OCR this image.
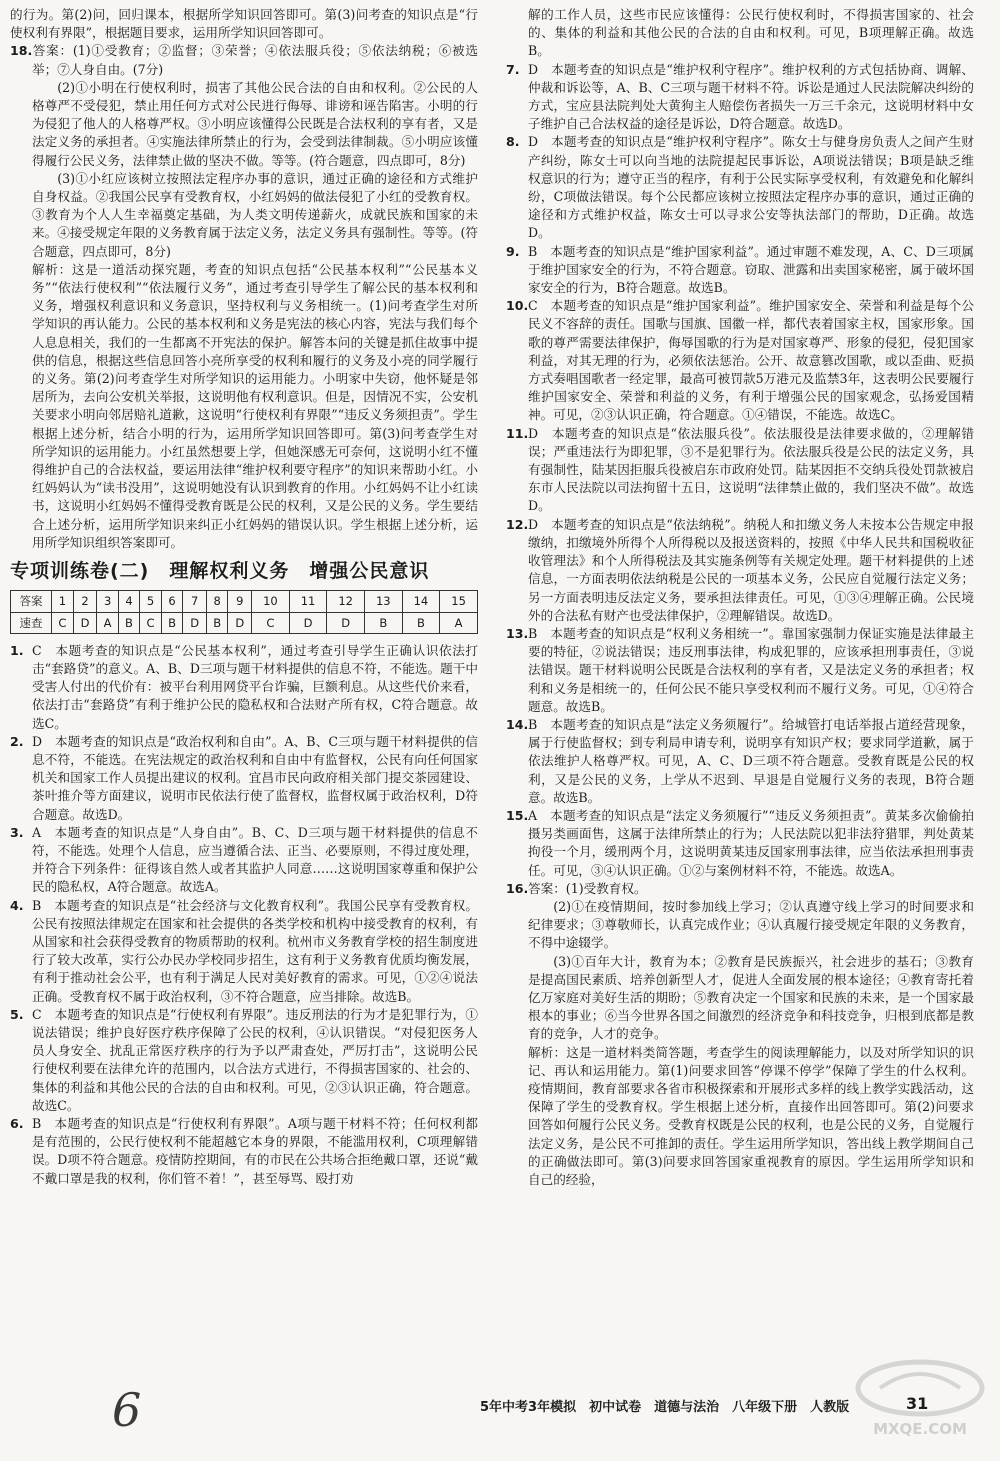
的行为。第(2)问，回归课本，根据所学知识回答即可。第(3)问考查的知识点是“行使权利有界限”，根据题目要求，运用所学知识回答即可。

18.答案：(1)①受教育；②监督；③荣誉；④依法服兵役；⑤依法纳税；⑥被选举；⑦人身自由。(7分)

(2)①小明在行使权利时，损害了其他公民合法的自由和权利。②公民的人格尊严不受侵犯，禁止用任何方式对公民进行侮辱、诽谤和诬告陷害。小明的行为侵犯了他人的人格尊严权。③小明应该懂得公民既是合法权利的享有者，又是法定义务的承担者。④实施法律所禁止的行为，会受到法律制裁。⑤小明应该懂得履行公民义务，法律禁止做的坚决不做。等等。(符合题意，四点即可，8分)

(3)①小红应该树立按照法定程序办事的意识，通过正确的途径和方式维护自身权益。②我国公民享有受教育权，小红妈妈的做法侵犯了小红的受教育权。③教育为个人人生幸福奠定基础，为人类文明传递薪火，成就民族和国家的未来。④接受规定年限的义务教育属于法定义务，法定义务具有强制性。等等。(符合题意，四点即可，8分)

解析：这是一道活动探究题，考查的知识点包括“公民基本权利”“公民基本义务”“依法行使权利”“依法履行义务”，通过考查引导学生了解公民的基本权利和义务，增强权利意识和义务意识，坚持权利与义务相统一。(1)问考查学生对所学知识的再认能力。公民的基本权利和义务是宪法的核心内容，宪法与我们每个人息息相关，我们的一生都离不开宪法的保护。解答本问的关键是抓住故事中提供的信息，根据这些信息回答小亮所享受的权利和履行的义务及小亮的同学履行的义务。第(2)问考查学生对所学知识的运用能力。小明家中失窃，他怀疑是邻居所为，去向公安机关举报，这说明他有权利意识。但是，因情况不实，公安机关要求小明向邻居赔礼道歉，这说明“行使权利有界限”“违反义务须担责”。学生根据上述分析，结合小明的行为，运用所学知识回答即可。第(3)问考查学生对所学知识的运用能力。小红虽然想要上学，但她深感无可奈何，这说明小红不懂得维护自己的合法权益，要运用法律“维护权利要守程序”的知识来帮助小红。小红妈妈认为“读书没用”，这说明她没有认识到教育的作用。小红妈妈不让小红读书，这说明小红妈妈不懂得受教育既是公民的权利，又是公民的义务。学生要结合上述分析，运用所学知识来纠正小红妈妈的错误认识。学生根据上述分析，运用所学知识组织答案即可。

专项训练卷(二)　理解权利义务　增强公民意识
答案	1	2	3	4	5	6	7	8	9	10	11	12	13	14	15
速查	C	D	A	B	C	B	D	B	D	C	D	D	B	B	A

1. C　本题考查的知识点是“公民基本权利”，通过考查引导学生正确认识依法打击“套路贷”的意义。A、B、D三项与题干材料提供的信息不符，不能选。题干中受害人付出的代价有：被平台利用网贷平台诈骗，巨额利息。从这些代价来看，依法打击“套路贷”有利于维护公民的隐私权和合法财产所有权，C符合题意。故选C。

2. D　本题考查的知识点是“政治权利和自由”。A、B、C三项与题干材料提供的信息不符，不能选。在宪法规定的政治权利和自由中有监督权，公民有向任何国家机关和国家工作人员提出建议的权利。宜昌市民向政府相关部门提交茶园建设、茶叶推介等方面建议，说明市民依法行使了监督权，监督权属于政治权利，D符合题意。故选D。

3. A　本题考查的知识点是“人身自由”。B、C、D三项与题干材料提供的信息不符，不能选。处理个人信息，应当遵循合法、正当、必要原则，不得过度处理，并符合下列条件：征得该自然人或者其监护人同意……这说明国家尊重和保护公民的隐私权，A符合题意。故选A。

4. B　本题考查的知识点是“社会经济与文化教育权利”。我国公民享有受教育权。公民有按照法律规定在国家和社会提供的各类学校和机构中接受教育的权利，有从国家和社会获得受教育的物质帮助的权利。杭州市义务教育学校的招生制度进行了较大改革，实行公办民办学校同步招生，这有利于义务教育优质均衡发展，有利于推动社会公平，也有利于满足人民对美好教育的需求。可见，①②④说法正确。受教育权不属于政治权利，③不符合题意，应当排除。故选B。

5. C　本题考查的知识点是“行使权利有界限”。违反刑法的行为才是犯罪行为，①说法错误；维护良好医疗秩序保障了公民的权利，④认识错误。“对侵犯医务人员人身安全、扰乱正常医疗秩序的行为予以严肃查处，严厉打击”，这说明公民行使权利要在法律允许的范围内，以合法方式进行，不得损害国家的、社会的、集体的利益和其他公民的合法的自由和权利。可见，②③认识正确，符合题意。故选C。

6. B　本题考查的知识点是“行使权利有界限”。A项与题干材料不符；任何权利都是有范围的，公民行使权利不能超越它本身的界限，不能滥用权利，C项理解错误。D项不符合题意。疫情防控期间，有的市民在公共场合拒绝戴口罩，还说“戴不戴口罩是我的权利，你们管不着！”，甚至辱骂、殴打劝

解的工作人员，这些市民应该懂得：公民行使权利时，不得损害国家的、社会的、集体的利益和其他公民的合法的自由和权利。可见，B项理解正确。故选B。

7. D　本题考查的知识点是“维护权利守程序”。维护权利的方式包括协商、调解、仲裁和诉讼等，A、B、C三项与题干材料不符。诉讼是通过人民法院解决纠纷的方式，宝应县法院判处大黄狗主人赔偿伤者损失一万三千余元，这说明材料中女子维护自己合法权益的途径是诉讼，D符合题意。故选D。

8. D　本题考查的知识点是“维护权利守程序”。陈女士与健身房负责人之间产生财产纠纷，陈女士可以向当地的法院提起民事诉讼，A项说法错误；B项是缺乏维权意识的行为；遵守正当的程序，有利于公民实际享受权利，有效避免和化解纠纷，C项做法错误。每个公民都应该树立按照法定程序办事的意识，通过正确的途径和方式维护权益，陈女士可以寻求公安等执法部门的帮助，D正确。故选D。

9. B　本题考查的知识点是“维护国家利益”。通过审题不难发现，A、C、D三项属于维护国家安全的行为，不符合题意。窃取、泄露和出卖国家秘密，属于破坏国家安全的行为，B符合题意。故选B。

10.C　本题考查的知识点是“维护国家利益”。维护国家安全、荣誉和利益是每个公民义不容辞的责任。国歌与国旗、国徽一样，都代表着国家主权，国家形象。国歌的尊严需要法律保护，侮辱国歌的行为是对国家尊严、形象的侵犯，侵犯国家利益，对其无理的行为，必须依法惩治。公开、故意篡改国歌，或以歪曲、贬损方式奏唱国歌者一经定罪，最高可被罚款5万港元及监禁3年，这表明公民要履行维护国家安全、荣誉和利益的义务，有利于增强公民的国家观念，弘扬爱国精神。可见，②③认识正确，符合题意。①④错误，不能选。故选C。

11.D　本题考查的知识点是“依法服兵役”。依法服役是法律要求做的，②理解错误；严重违法行为即犯罪，③不是犯罪行为。依法服兵役是公民的法定义务，具有强制性，陆某因拒服兵役被启东市政府处罚。陆某因拒不交纳兵役处罚款被启东市人民法院以司法拘留十五日，这说明“法律禁止做的，我们坚决不做”。故选D。

12.D　本题考查的知识点是“依法纳税”。纳税人和扣缴义务人未按本公告规定申报缴纳，扣缴境外所得个人所得税以及报送资料的，按照《中华人民共和国税收征收管理法》和个人所得税法及其实施条例等有关规定处理。题干材料提供的上述信息，一方面表明依法纳税是公民的一项基本义务，公民应自觉履行法定义务；另一方面表明违反法定义务，要承担法律责任。可见，①③④理解正确。公民境外的合法私有财产也受法律保护，②理解错误。故选D。

13.B　本题考查的知识点是“权利义务相统一”。靠国家强制力保证实施是法律最主要的特征，②说法错误；违反刑事法律，构成犯罪的，应该承担刑事责任，③说法错误。题干材料说明公民既是合法权利的享有者，又是法定义务的承担者；权利和义务是相统一的，任何公民不能只享受权利而不履行义务。可见，①④符合题意。故选B。

14.B　本题考查的知识点是“法定义务须履行”。给城管打电话举报占道经营现象，属于行使监督权；到专利局申请专利，说明享有知识产权；要求同学道歉，属于依法维护人格尊严权。可见，A、C、D三项不符合题意。受教育既是公民的权利，又是公民的义务，上学从不迟到、早退是自觉履行义务的表现，B符合题意。故选B。

15.A　本题考查的知识点是“法定义务须履行”“违反义务须担责”。黄某多次偷偷拍摄另类画面售，这属于法律所禁止的行为；人民法院以犯非法狩猎罪，判处黄某拘役一个月，缓刑两个月，这说明黄某违反国家刑事法律，应当依法承担刑事责任。可见，③④认识正确。①②与案例材料不符，不能选。故选A。

16.答案：(1)受教育权。

(2)①在疫情期间，按时参加线上学习；②认真遵守线上学习的时间要求和纪律要求；③尊敬师长，认真完成作业；④认真履行接受规定年限的义务教育，不得中途辍学。

(3)①百年大计，教育为本；②教育是民族振兴，社会进步的基石；③教育是提高国民素质、培养创新型人才，促进人全面发展的根本途径；④教育寄托着亿万家庭对美好生活的期盼；⑤教育决定一个国家和民族的未来，是一个国家最根本的事业；⑥当今世界各国之间激烈的经济竞争和科技竞争，归根到底都是教育的竞争，人才的竞争。

解析：这是一道材料类简答题，考查学生的阅读理解能力，以及对所学知识的识记、再认和运用能力。第(1)问要求回答“停课不停学”保障了学生的什么权利。疫情期间，教育部要求各省市积极探索和开展形式多样的线上教学实践活动，这保障了学生的受教育权。学生根据上述分析，直接作出回答即可。第(2)问要求回答如何履行公民义务。受教育权既是公民的权利，也是公民的义务，自觉履行法定义务，是公民不可推卸的责任。学生运用所学知识，答出线上教学期间自己的正确做法即可。第(3)问要求回答国家重视教育的原因。学生运用所学知识和自己的经验，

6	5年中考3年模拟　初中试卷　道德与法治　八年级下册　人教版	31
MXQE.COM
